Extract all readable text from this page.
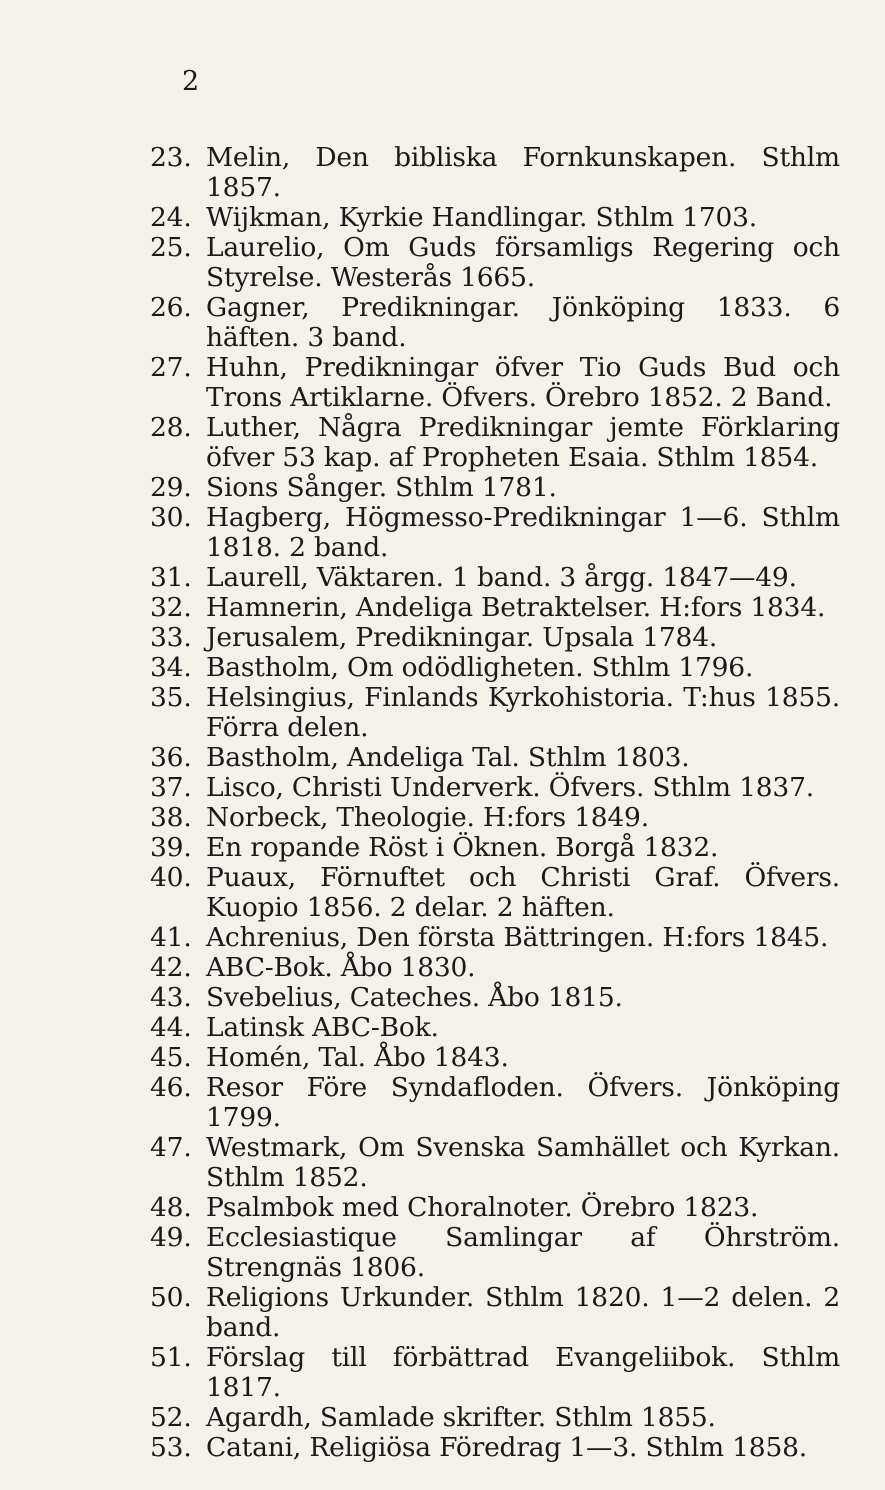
2
23. Melin, Den bibliska Fornkunskapen. Sthlm 1857.
24. Wijkman, Kyrkie Handlingar. Sthlm 1703.
25. Laurelio, Om Guds församligs Regering och Styrelse. Westerås 1665.
26. Gagner, Predikningar. Jönköping 1833. 6 häften. 3 band.
27. Huhn, Predikningar öfver Tio Guds Bud och Trons Artiklarne. Öfvers. Örebro 1852. 2 Band.
28. Luther, Några Predikningar jemte Förklaring öfver 53 kap. af Propheten Esaia. Sthlm 1854.
29. Sions Sånger. Sthlm 1781.
30. Hagberg, Högmesso-Predikningar 1—6. Sthlm 1818. 2 band.
31. Laurell, Väktaren. 1 band. 3 årgg. 1847—49.
32. Hamnerin, Andeliga Betraktelser. H:fors 1834.
33. Jerusalem, Predikningar. Upsala 1784.
34. Bastholm, Om odödligheten. Sthlm 1796.
35. Helsingius, Finlands Kyrkohistoria. T:hus 1855. Förra delen.
36. Bastholm, Andeliga Tal. Sthlm 1803.
37. Lisco, Christi Underverk. Öfvers. Sthlm 1837.
38. Norbeck, Theologie. H:fors 1849.
39. En ropande Röst i Öknen. Borgå 1832.
40. Puaux, Förnuftet och Christi Graf. Öfvers. Kuopio 1856. 2 delar. 2 häften.
41. Achrenius, Den första Bättringen. H:fors 1845.
42. ABC-Bok. Åbo 1830.
43. Svebelius, Cateches. Åbo 1815.
44. Latinsk ABC-Bok.
45. Homén, Tal. Åbo 1843.
46. Resor Före Syndafloden. Öfvers. Jönköping 1799.
47. Westmark, Om Svenska Samhället och Kyrkan. Sthlm 1852.
48. Psalmbok med Choralnoter. Örebro 1823.
49. Ecclesiastique Samlingar af Öhrström. Strengnäs 1806.
50. Religions Urkunder. Sthlm 1820. 1—2 delen. 2 band.
51. Förslag till förbättrad Evangeliibok. Sthlm 1817.
52. Agardh, Samlade skrifter. Sthlm 1855.
53. Catani, Religiösa Föredrag 1—3. Sthlm 1858.
